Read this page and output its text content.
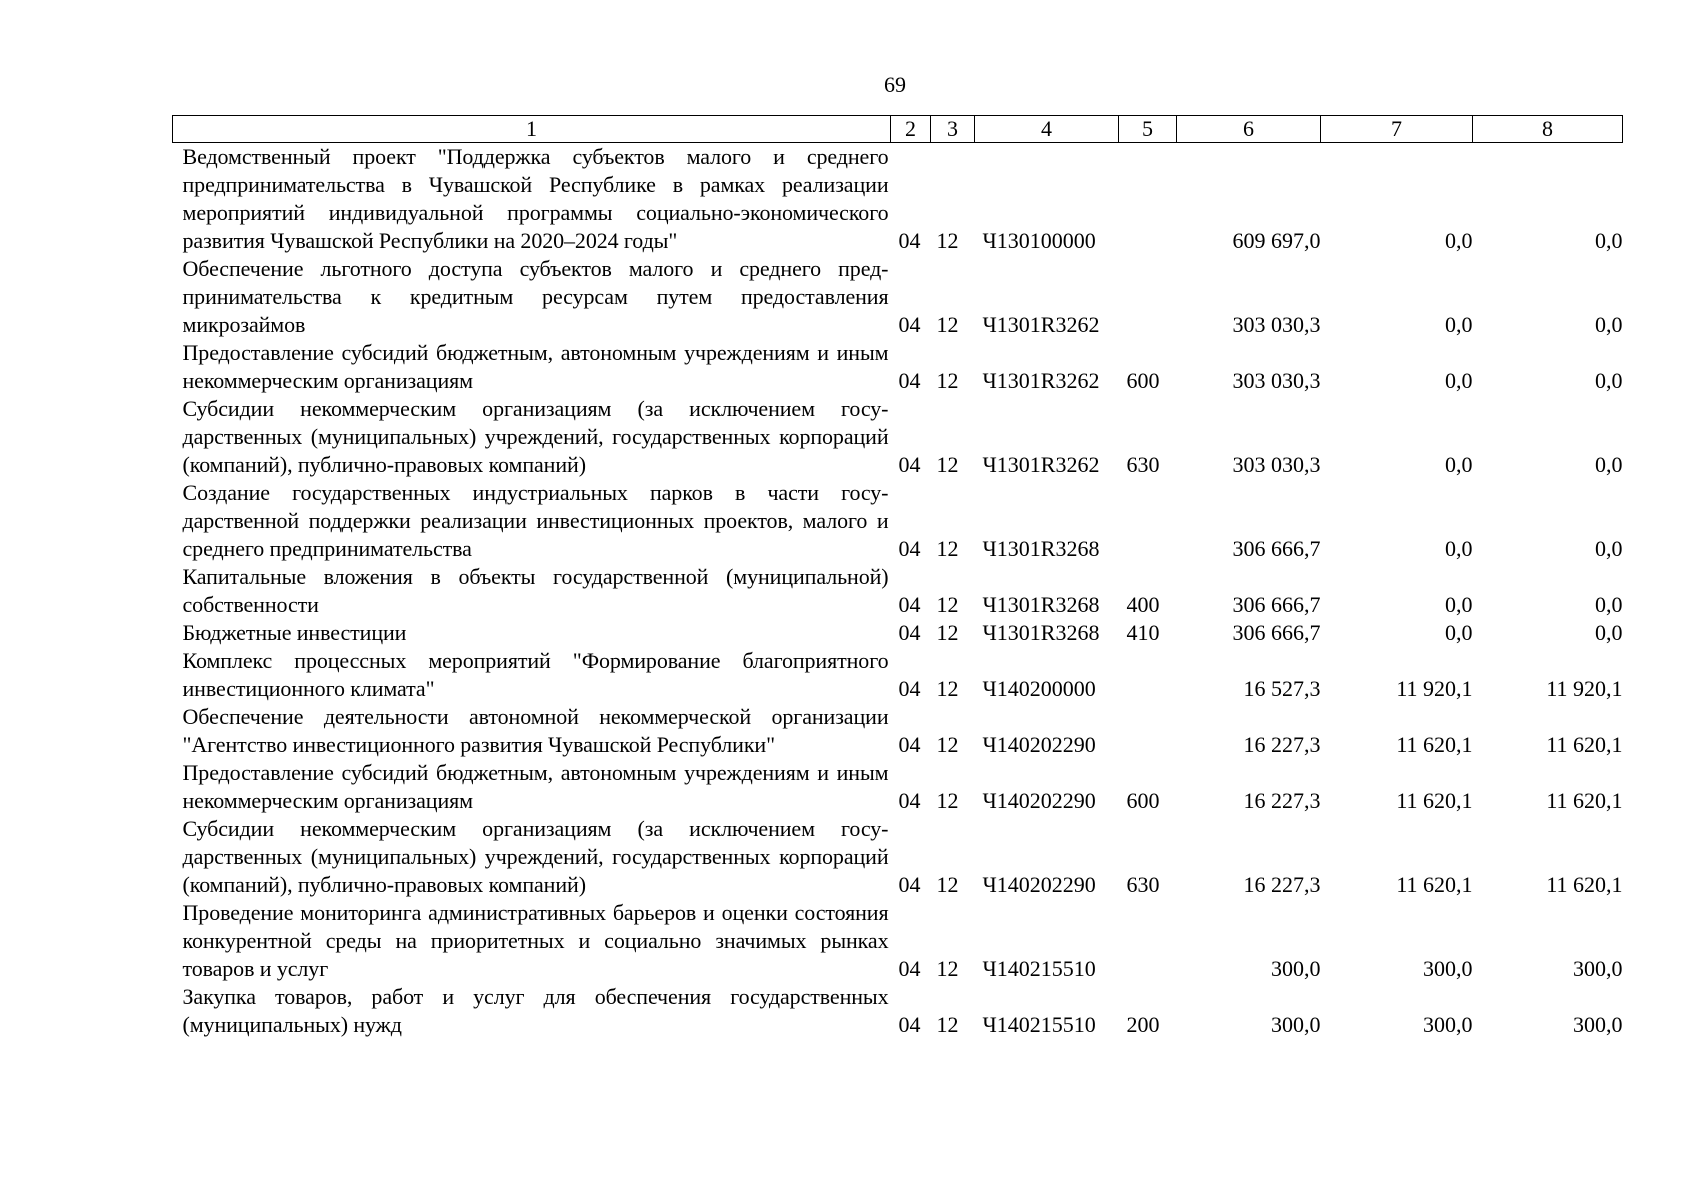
69
1	2	3	4	5	6	7	8
Ведомственный проект "Поддержка субъектов малого и среднего предпринимательства в Чувашской Республике в рамках реализации мероприятий индивидуальной программы социально-экономического развития Чувашской Республики на 2020–2024 годы"	04	12	Ч130100000		609 697,0	0,0	0,0
Обеспечение льготного доступа субъектов малого и среднего предпринимательства к кредитным ресурсам путем предоставления микрозаймов	04	12	Ч1301R3262		303 030,3	0,0	0,0
Предоставление субсидий бюджетным, автономным учреждениям и иным некоммерческим организациям	04	12	Ч1301R3262	600	303 030,3	0,0	0,0
Субсидии некоммерческим организациям (за исключением государственных (муниципальных) учреждений, государственных корпораций (компаний), публично-правовых компаний)	04	12	Ч1301R3262	630	303 030,3	0,0	0,0
Создание государственных индустриальных парков в части государственной поддержки реализации инвестиционных проектов, малого и среднего предпринимательства	04	12	Ч1301R3268		306 666,7	0,0	0,0
Капитальные вложения в объекты государственной (муниципальной) собственности	04	12	Ч1301R3268	400	306 666,7	0,0	0,0
Бюджетные инвестиции	04	12	Ч1301R3268	410	306 666,7	0,0	0,0
Комплекс процессных мероприятий "Формирование благоприятного инвестиционного климата"	04	12	Ч140200000		16 527,3	11 920,1	11 920,1
Обеспечение деятельности автономной некоммерческой организации "Агентство инвестиционного развития Чувашской Республики"	04	12	Ч140202290		16 227,3	11 620,1	11 620,1
Предоставление субсидий бюджетным, автономным учреждениям и иным некоммерческим организациям	04	12	Ч140202290	600	16 227,3	11 620,1	11 620,1
Субсидии некоммерческим организациям (за исключением государственных (муниципальных) учреждений, государственных корпораций (компаний), публично-правовых компаний)	04	12	Ч140202290	630	16 227,3	11 620,1	11 620,1
Проведение мониторинга административных барьеров и оценки состояния конкурентной среды на приоритетных и социально значимых рынках товаров и услуг	04	12	Ч140215510		300,0	300,0	300,0
Закупка товаров, работ и услуг для обеспечения государственных (муниципальных) нужд	04	12	Ч140215510	200	300,0	300,0	300,0
